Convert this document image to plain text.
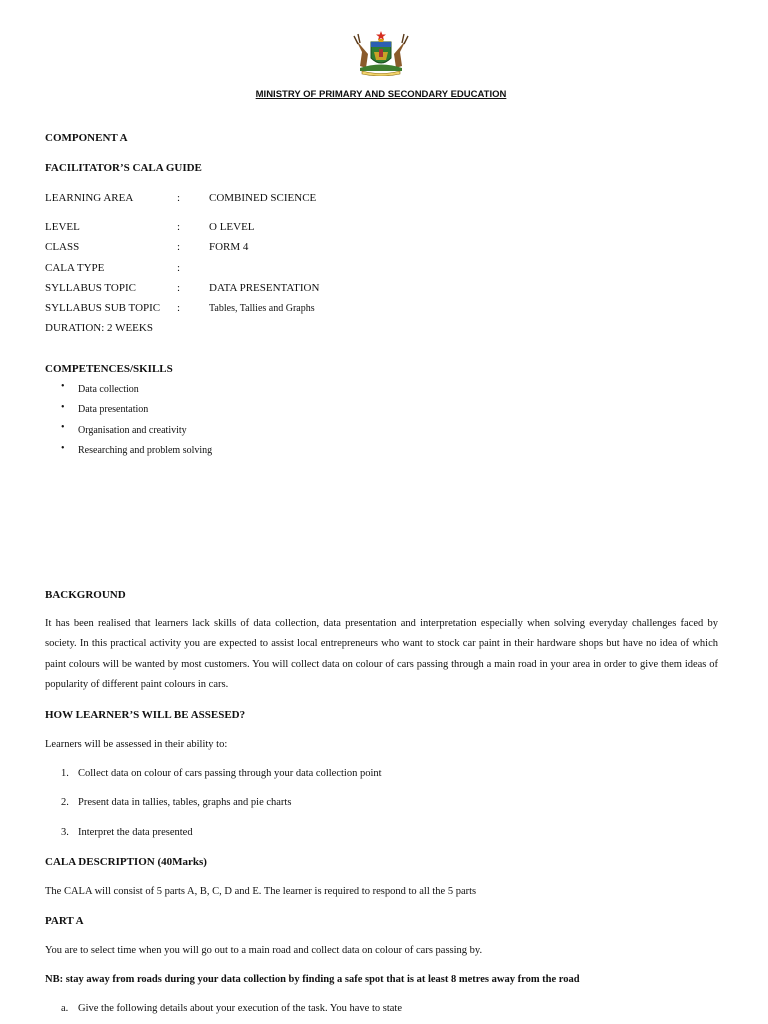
MINISTRY OF PRIMARY AND SECONDARY EDUCATION
COMPONENT A
FACILITATOR’S CALA GUIDE
LEARNING AREA	:	COMBINED SCIENCE
LEVEL	:	O LEVEL
CLASS	:	FORM 4
CALA TYPE	:
SYLLABUS TOPIC	:	DATA PRESENTATION
SYLLABUS SUB TOPIC :	Tables, Tallies and Graphs
DURATION: 2 WEEKS
COMPETENCES/SKILLS
• Data collection
• Data presentation
• Organisation and creativity
• Researching and problem solving
BACKGROUND
It has been realised that learners lack skills of data collection, data presentation and interpretation especially when solving everyday challenges faced by society. In this practical activity you are expected to assist local entrepreneurs who want to stock car paint in their hardware shops but have no idea of which paint colours will be wanted by most customers. You will collect data on colour of cars passing through a main road in your area in order to give them ideas of popularity of different paint colours in cars.
HOW LEARNER’S WILL BE ASSESED?
Learners will be assessed in their ability to:
1. Collect data on colour of cars passing through your data collection point
2. Present data in tallies, tables, graphs and pie charts
3. Interpret the data presented
CALA DESCRIPTION (40Marks)
The CALA will consist of 5 parts A, B, C, D and E. The learner is required to respond to all the 5 parts
PART A
You are to select time when you will go out to a main road and collect data on colour of cars passing by.
NB: stay away from roads during your data collection by finding a safe spot that is at least 8 metres away from the road
a. Give the following details about your execution of the task. You have to state
